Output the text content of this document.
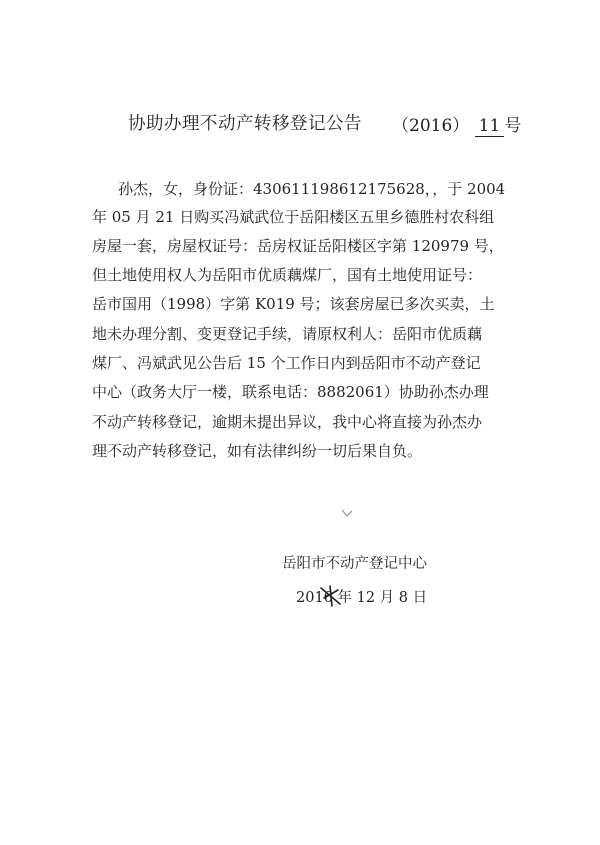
协助办理不动产转移登记公告 （2016） 11 号
孙杰，女，身份证：430611198612175628，，于 2004
年 05 月 21 日购买冯斌武位于岳阳楼区五里乡德胜村农科组
房屋一套，房屋权证号：岳房权证岳阳楼区字第 120979 号，
但土地使用权人为岳阳市优质藕煤厂，国有土地使用证号：
岳市国用（1998）字第 K019 号；该套房屋已多次买卖，土
地未办理分割、变更登记手续，请原权利人：岳阳市优质藕
煤厂、冯斌武见公告后 15 个工作日内到岳阳市不动产登记
中心（政务大厅一楼，联系电话：8882061）协助孙杰办理
不动产转移登记，逾期未提出异议，我中心将直接为孙杰办
理不动产转移登记，如有法律纠纷一切后果自负。
岳阳市不动产登记中心
2016 年 12 月 8 日
